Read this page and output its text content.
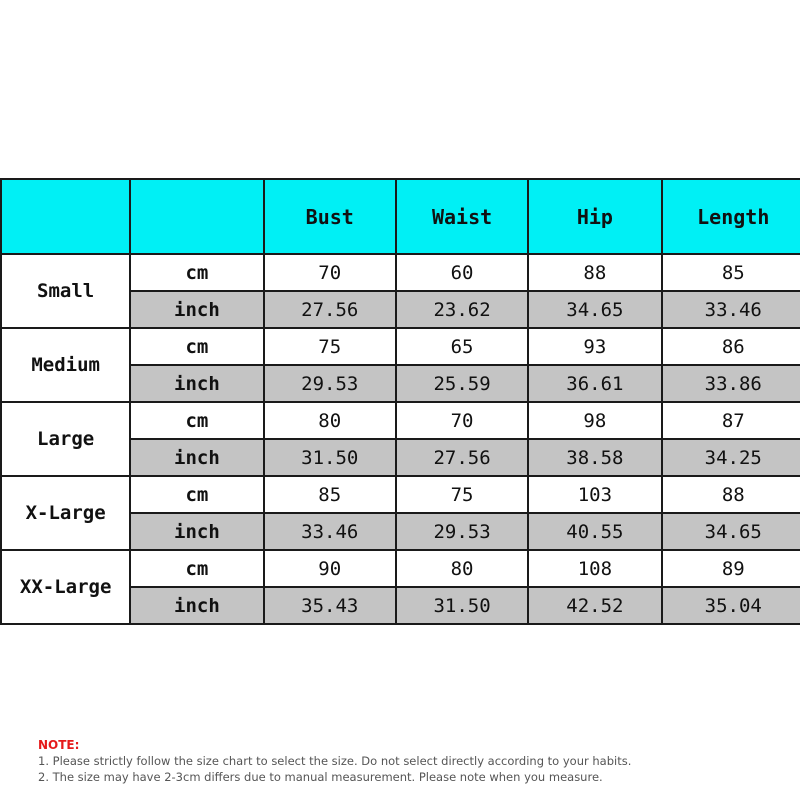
		Bust	Waist	Hip	Length
Small	cm	70	60	88	85
	inch	27.56	23.62	34.65	33.46
Medium	cm	75	65	93	86
	inch	29.53	25.59	36.61	33.86
Large	cm	80	70	98	87
	inch	31.50	27.56	38.58	34.25
X-Large	cm	85	75	103	88
	inch	33.46	29.53	40.55	34.65
XX-Large	cm	90	80	108	89
	inch	35.43	31.50	42.52	35.04
NOTE:
1. Please strictly follow the size chart to select the size. Do not select directly according to your habits.
2. The size may have 2-3cm differs due to manual measurement. Please note when you measure.
